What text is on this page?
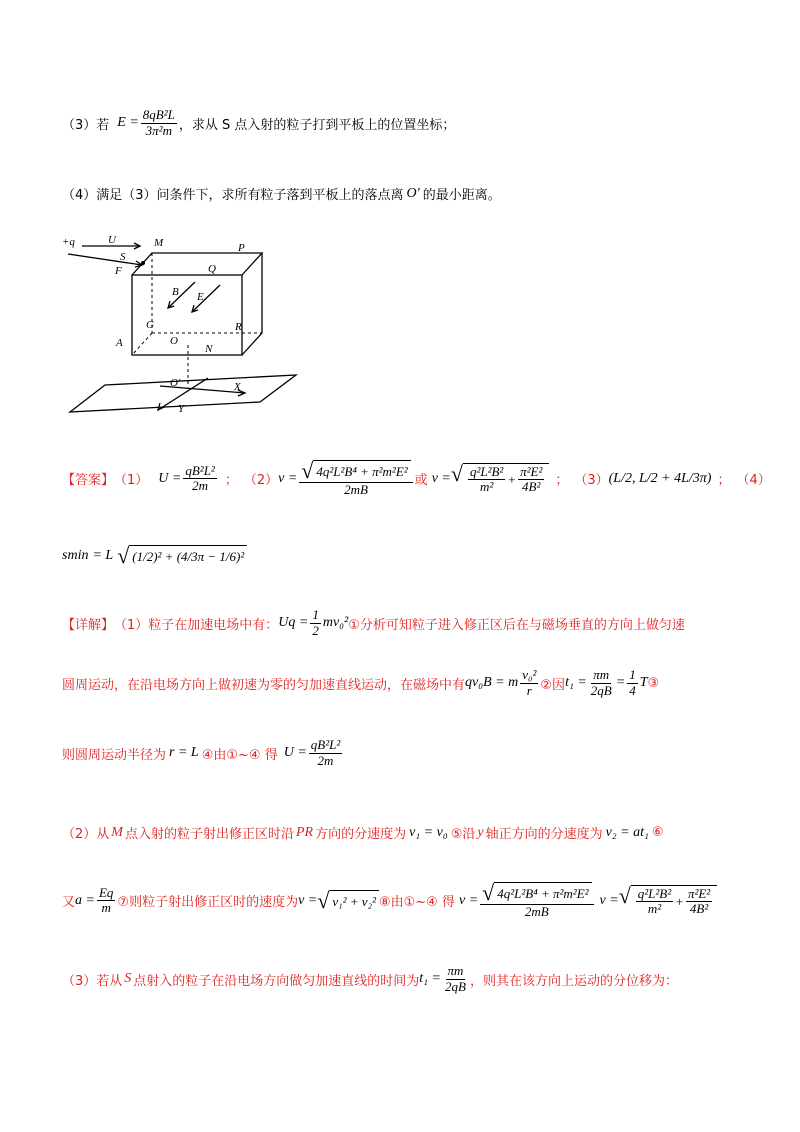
（3）若 $E = \frac{\text{8qB²L}}{\text{3π²m}}$ ，求从 S 点入射的粒子打到平板上的位置坐标；
（4）满足（3）问条件下，求所有粒子落到平板上的落点离 O′ 的最小距离。
+q	U	M	P
S
F	Q
B E
G	R
A	O
N
O′	X
Y
【答案】 （1） $U = \frac{\text{qB²L²}}{2m}$ ； （2） $v = \frac{\text{√ 4q²L²B⁴ + π²m²E²}}{2mB}$ 或 v = √ $\frac{\text{q²L²B²}}{\text{m²}} + \frac{\text{π²E²}}{\text{4B²}}$ ； （3） (L/2, L/2 + 4L/3π) ； （4）
s min = L √ (1/2)² + (4/3π − 1/6)²
【详解】 （1）粒子在加速电场中有： $Uq = \frac{1}{2} mv_0^2$ ①分析可知粒子进入修正区后在与磁场垂直的方向上做匀速
圆周运动，在沿电场方向上做初速为零的匀加速直线运动，在磁场中有 qv₀B = m $\frac{\text{v₀²}}{r}$ ②因 $t_1 = \frac{\pi m}{2qB} = \frac{1}{4}$ T ③
则圆周运动半径为 r = L ④由①~④ 得 $U = \frac{\text{qB²L²}}{2m}$
（2）从 M 点入射的粒子射出修正区时沿 PR 方向的分速度为 v₁ = v₀ ⑤沿 y 轴正方向的分速度为 v₂ = at₁ ⑥
又 $a = \frac{Eq}{m}$ ⑦则粒子射出修正区时的速度为 v = √ v₁² + v₂² ⑧由①~④ 得 $v = \frac{\text{√ 4q²L²B⁴ + π²m²E²}}{2mB}$ v = √ $\frac{\text{q²L²B²}}{\text{m²}} + \frac{\text{π²E²}}{\text{4B²}}$
（3）若从 S 点射入的粒子在沿电场方向做匀加速直线的时间为 $t_1 = \frac{\pi m}{2qB}$ ，则其在该方向上运动的分位移为：
